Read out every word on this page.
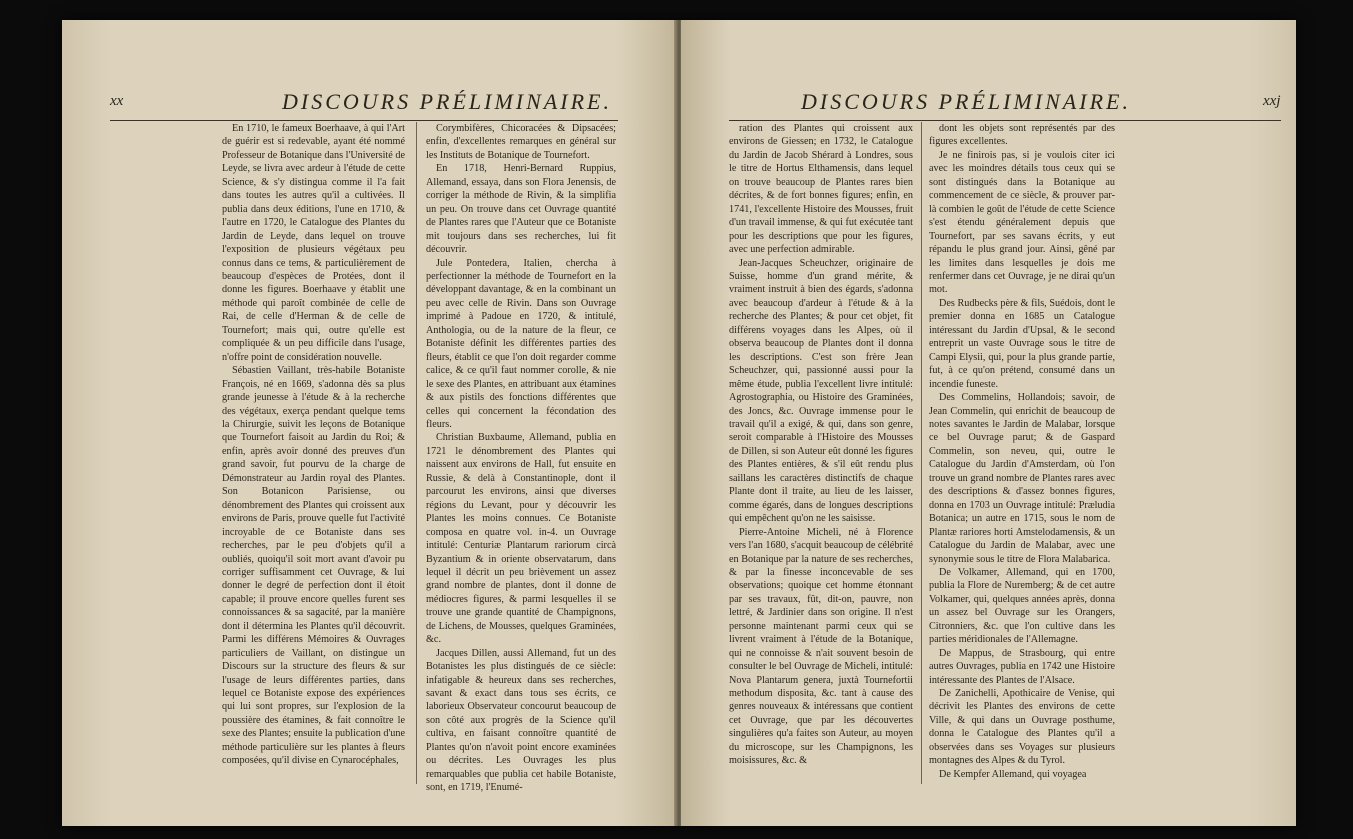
xx	DISCOURS PRÉLIMINAIRE.

En 1710, le fameux Boerhaave, à qui l'Art de guérir est si redevable, ayant été nommé Professeur de Botanique dans l'Université de Leyde, se livra avec ardeur à l'étude de cette Science, & s'y distingua comme il l'a fait dans toutes les autres qu'il a cultivées. Il publia dans deux éditions, l'une en 1710, & l'autre en 1720, le Catalogue des Plantes du Jardin de Leyde, dans lequel on trouve l'exposition de plusieurs végétaux peu connus dans ce tems, & particulièrement de beaucoup d'espèces de Protées, dont il donne les figures. Boerhaave y établit une méthode qui paroît combinée de celle de Rai, de celle d'Herman & de celle de Tournefort; mais qui, outre qu'elle est compliquée & un peu difficile dans l'usage, n'offre point de considération nouvelle.

Sébastien Vaillant, très-habile Botaniste François, né en 1669, s'adonna dès sa plus grande jeunesse à l'étude & à la recherche des végétaux, exerça pendant quelque tems la Chirurgie, suivit les leçons de Botanique que Tournefort faisoit au Jardin du Roi; & enfin, après avoir donné des preuves d'un grand savoir, fut pourvu de la charge de Démonstrateur au Jardin royal des Plantes. Son Botanicon Parisiense, ou dénombrement des Plantes qui croissent aux environs de Paris, prouve quelle fut l'activité incroyable de ce Botaniste dans ses recherches, par le peu d'objets qu'il a oubliés, quoiqu'il soit mort avant d'avoir pu corriger suffisamment cet Ouvrage, & lui donner le degré de perfection dont il étoit capable; il prouve encore quelles furent ses connoissances & sa sagacité, par la manière dont il détermina les Plantes qu'il découvrit. Parmi les différens Mémoires & Ouvrages particuliers de Vaillant, on distingue un Discours sur la structure des fleurs & sur l'usage de leurs différentes parties, dans lequel ce Botaniste expose des expériences qui lui sont propres, sur l'explosion de la poussière des étamines, & fait connoître le sexe des Plantes; ensuite la publication d'une méthode particulière sur les plantes à fleurs composées, qu'il divise en Cynarocéphales,

Corymbifères, Chicoracées & Dipsacées; enfin, d'excellentes remarques en général sur les Instituts de Botanique de Tournefort.

En 1718, Henri-Bernard Ruppius, Allemand, essaya, dans son Flora Jenensis, de corriger la méthode de Rivin, & la simplifia un peu. On trouve dans cet Ouvrage quantité de Plantes rares que l'Auteur que ce Botaniste mit toujours dans ses recherches, lui fit découvrir.

Jule Pontedera, Italien, chercha à perfectionner la méthode de Tournefort en la développant davantage, & en la combinant un peu avec celle de Rivin. Dans son Ouvrage imprimé à Padoue en 1720, & intitulé, Anthologia, ou de la nature de la fleur, ce Botaniste définit les différentes parties des fleurs, établit ce que l'on doit regarder comme calice, & ce qu'il faut nommer corolle, & nie le sexe des Plantes, en attribuant aux étamines & aux pistils des fonctions différentes que celles qui concernent la fécondation des fleurs.

Christian Buxbaume, Allemand, publia en 1721 le dénombrement des Plantes qui naissent aux environs de Hall, fut ensuite en Russie, & delà à Constantinople, dont il parcourut les environs, ainsi que diverses régions du Levant, pour y découvrir les Plantes les moins connues. Ce Botaniste composa en quatre vol. in-4. un Ouvrage intitulé: Centuriæ Plantarum rariorum circà Byzantium & in oriente observatarum, dans lequel il décrit un peu brièvement un assez grand nombre de plantes, dont il donne de médiocres figures, & parmi lesquelles il se trouve une grande quantité de Champignons, de Lichens, de Mousses, quelques Graminées, &c.

Jacques Dillen, aussi Allemand, fut un des Botanistes les plus distingués de ce siècle: infatigable & heureux dans ses recherches, savant & exact dans tous ses écrits, ce laborieux Observateur concourut beaucoup de son côté aux progrès de la Science qu'il cultiva, en faisant connoître quantité de Plantes qu'on n'avoit point encore examinées ou décrites. Les Ouvrages les plus remarquables que publia cet habile Botaniste, sont, en 1719, l'Enumé-

DISCOURS PRÉLIMINAIRE.	xxj

ration des Plantes qui croissent aux environs de Giessen; en 1732, le Catalogue du Jardin de Jacob Shérard à Londres, sous le titre de Hortus Elthamensis, dans lequel on trouve beaucoup de Plantes rares bien décrites, & de fort bonnes figures; enfin, en 1741, l'excellente Histoire des Mousses, fruit d'un travail immense, & qui fut exécutée tant pour les descriptions que pour les figures, avec une perfection admirable.

Jean-Jacques Scheuchzer, originaire de Suisse, homme d'un grand mérite, & vraiment instruit à bien des égards, s'adonna avec beaucoup d'ardeur à l'étude & à la recherche des Plantes; & pour cet objet, fit différens voyages dans les Alpes, où il observa beaucoup de Plantes dont il donna les descriptions. C'est son frère Jean Scheuchzer, qui, passionné aussi pour la même étude, publia l'excellent livre intitulé: Agrostographia, ou Histoire des Graminées, des Joncs, &c. Ouvrage immense pour le travail qu'il a exigé, & qui, dans son genre, seroit comparable à l'Histoire des Mousses de Dillen, si son Auteur eût donné les figures des Plantes entières, & s'il eût rendu plus saillans les caractères distinctifs de chaque Plante dont il traite, au lieu de les laisser, comme égarés, dans de longues descriptions qui empêchent qu'on ne les saisisse.

Pierre-Antoine Micheli, né à Florence vers l'an 1680, s'acquit beaucoup de célébrité en Botanique par la nature de ses recherches, & par la finesse inconcevable de ses observations; quoique cet homme étonnant par ses travaux, fût, dit-on, pauvre, non lettré, & Jardinier dans son origine. Il n'est personne maintenant parmi ceux qui se livrent vraiment à l'étude de la Botanique, qui ne connoisse & n'ait souvent besoin de consulter le bel Ouvrage de Micheli, intitulé: Nova Plantarum genera, juxtà Tournefortii methodum disposita, &c. tant à cause des genres nouveaux & intéressans que contient cet Ouvrage, que par les découvertes singulières qu'a faites son Auteur, au moyen du microscope, sur les Champignons, les moisissures, &c. &

dont les objets sont représentés par des figures excellentes.

Je ne finirois pas, si je voulois citer ici avec les moindres détails tous ceux qui se sont distingués dans la Botanique au commencement de ce siècle, & prouver par-là combien le goût de l'étude de cette Science s'est étendu généralement depuis que Tournefort, par ses savans écrits, y eut répandu le plus grand jour. Ainsi, gêné par les limites dans lesquelles je dois me renfermer dans cet Ouvrage, je ne dirai qu'un mot.

Des Rudbecks père & fils, Suédois, dont le premier donna en 1685 un Catalogue intéressant du Jardin d'Upsal, & le second entreprit un vaste Ouvrage sous le titre de Campi Elysii, qui, pour la plus grande partie, fut, à ce qu'on prétend, consumé dans un incendie funeste.

Des Commelins, Hollandois; savoir, de Jean Commelin, qui enrichit de beaucoup de notes savantes le Jardin de Malabar, lorsque ce bel Ouvrage parut; & de Gaspard Commelin, son neveu, qui, outre le Catalogue du Jardin d'Amsterdam, où l'on trouve un grand nombre de Plantes rares avec des descriptions & d'assez bonnes figures, donna en 1703 un Ouvrage intitulé: Præludia Botanica; un autre en 1715, sous le nom de Plantæ rariores horti Amstelodamensis, & un Catalogue du Jardin de Malabar, avec une synonymie sous le titre de Flora Malabarica.

De Volkamer, Allemand, qui en 1700, publia la Flore de Nuremberg; & de cet autre Volkamer, qui, quelques années après, donna un assez bel Ouvrage sur les Orangers, Citronniers, &c. que l'on cultive dans les parties méridionales de l'Allemagne.

De Mappus, de Strasbourg, qui entre autres Ouvrages, publia en 1742 une Histoire intéressante des Plantes de l'Alsace.

De Zanichelli, Apothicaire de Venise, qui décrivit les Plantes des environs de cette Ville, & qui dans un Ouvrage posthume, donna le Catalogue des Plantes qu'il a observées dans ses Voyages sur plusieurs montagnes des Alpes & du Tyrol.

De Kempfer Allemand, qui voyagea
